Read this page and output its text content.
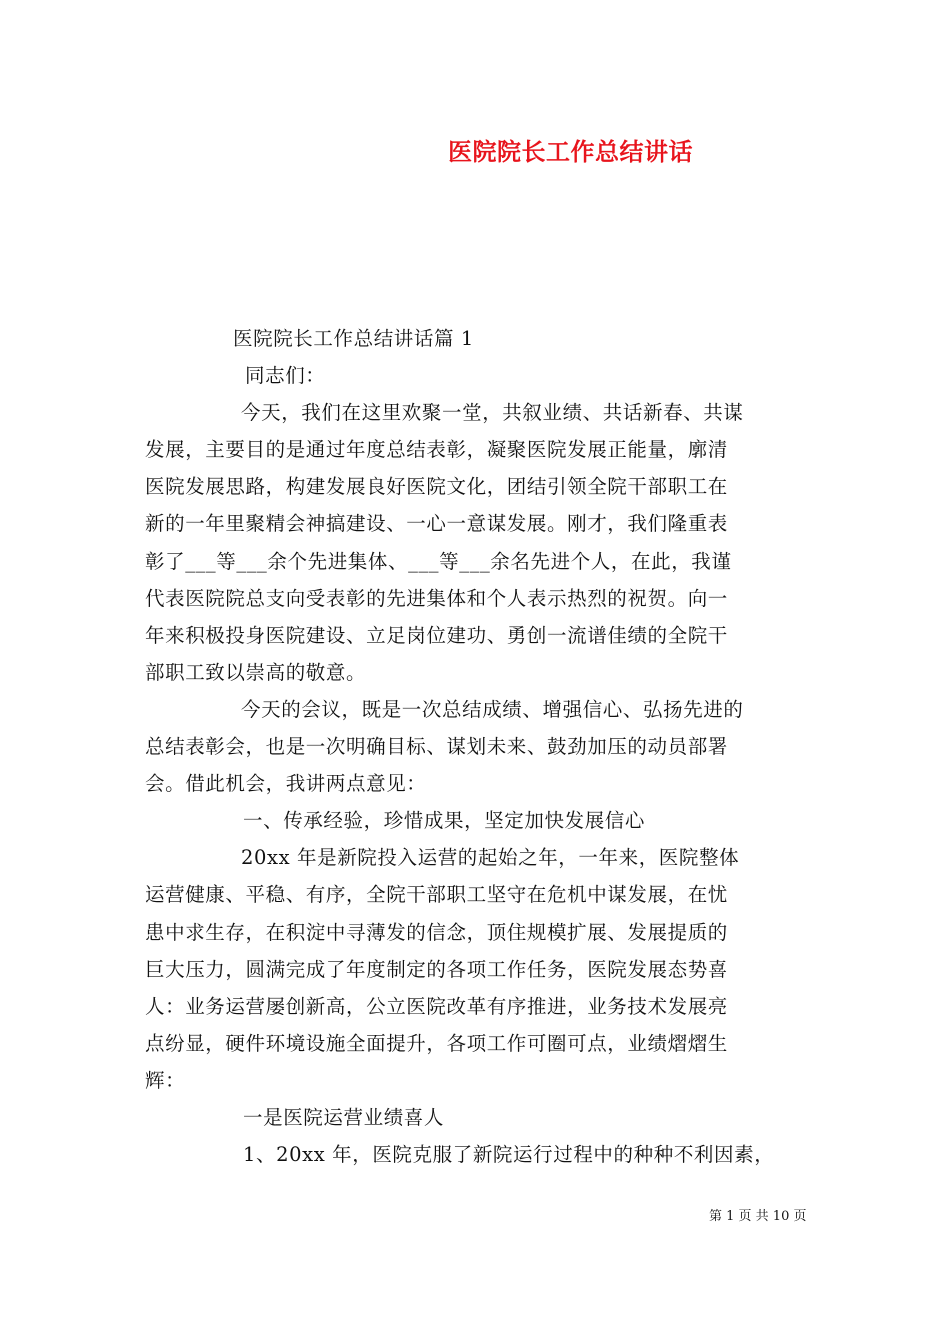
医院院长工作总结讲话
医院院长工作总结讲话篇 1
同志们：
今天，我们在这里欢聚一堂，共叙业绩、共话新春、共谋
发展，主要目的是通过年度总结表彰，凝聚医院发展正能量，廓清
医院发展思路，构建发展良好医院文化，团结引领全院干部职工在
新的一年里聚精会神搞建设、一心一意谋发展。刚才，我们隆重表
彰了___等___余个先进集体、___等___余名先进个人，在此，我谨
代表医院院总支向受表彰的先进集体和个人表示热烈的祝贺。向一
年来积极投身医院建设、立足岗位建功、勇创一流谱佳绩的全院干
部职工致以崇高的敬意。
今天的会议，既是一次总结成绩、增强信心、弘扬先进的
总结表彰会，也是一次明确目标、谋划未来、鼓劲加压的动员部署
会。借此机会，我讲两点意见：
一、传承经验，珍惜成果，坚定加快发展信心
20xx 年是新院投入运营的起始之年，一年来，医院整体
运营健康、平稳、有序，全院干部职工坚守在危机中谋发展，在忧
患中求生存，在积淀中寻薄发的信念，顶住规模扩展、发展提质的
巨大压力，圆满完成了年度制定的各项工作任务，医院发展态势喜
人：业务运营屡创新高，公立医院改革有序推进，业务技术发展亮
点纷显，硬件环境设施全面提升，各项工作可圈可点，业绩熠熠生
辉：
一是医院运营业绩喜人
1、20xx 年，医院克服了新院运行过程中的种种不利因素，
第 1 页 共 10 页
